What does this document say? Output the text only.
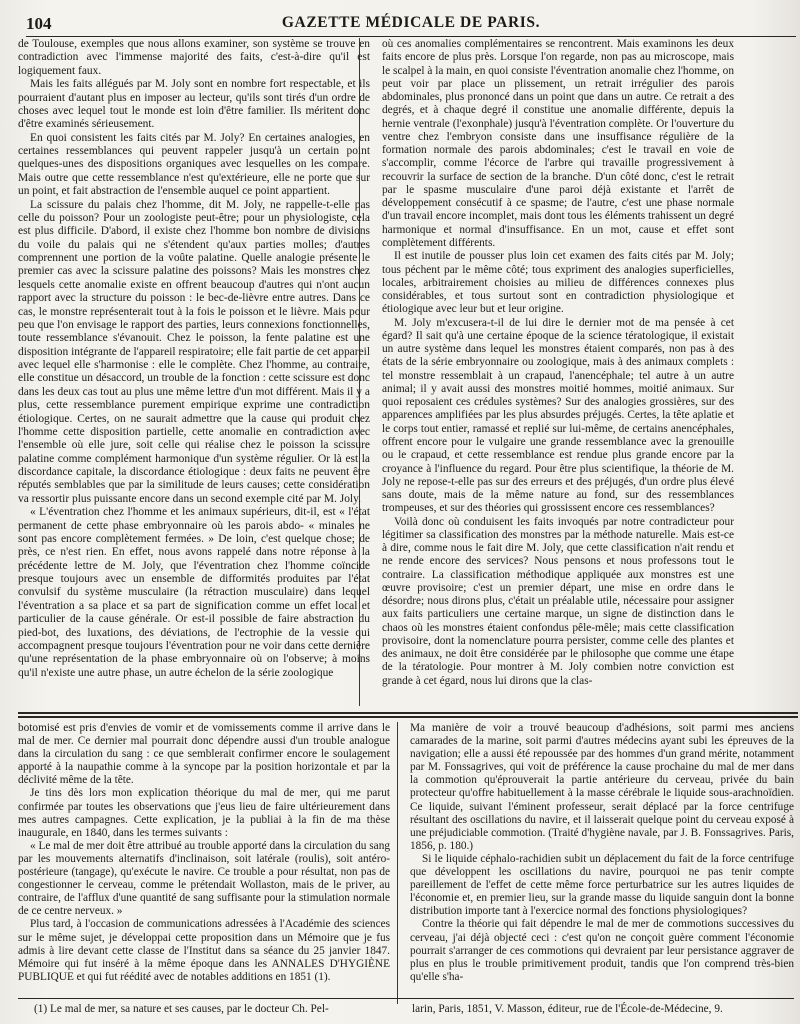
104	GAZETTE MÉDICALE DE PARIS.

de Toulouse, exemples que nous allons examiner, son système se trouve en contradiction avec l'immense majorité des faits, c'est-à-dire qu'il est logiquement faux.

Mais les faits allégués par M. Joly sont en nombre fort respectable, et ils pourraient d'autant plus en imposer au lecteur, qu'ils sont tirés d'un ordre de choses avec lequel tout le monde est loin d'être familier. Ils méritent donc d'être examinés sérieusement.

En quoi consistent les faits cités par M. Joly? En certaines analogies, en certaines ressemblances qui peuvent rappeler jusqu'à un certain point quelques-unes des dispositions organiques avec lesquelles on les compare. Mais outre que cette ressemblance n'est qu'extérieure, elle ne porte que sur un point, et fait abstraction de l'ensemble auquel ce point appartient.

La scissure du palais chez l'homme, dit M. Joly, ne rappelle-t-elle pas celle du poisson? Pour un zoologiste peut-être; pour un physiologiste, cela est plus difficile. D'abord, il existe chez l'homme bon nombre de divisions du voile du palais qui ne s'étendent qu'aux parties molles; d'autres comprennent une portion de la voûte palatine. Quelle analogie présente le premier cas avec la scissure palatine des poissons? Mais les monstres chez lesquels cette anomalie existe en offrent beaucoup d'autres qui n'ont aucun rapport avec la structure du poisson : le bec-de-lièvre entre autres. Dans ce cas, le monstre représenterait tout à la fois le poisson et le lièvre. Mais pour peu que l'on envisage le rapport des parties, leurs connexions fonctionnelles, toute ressemblance s'évanouit. Chez le poisson, la fente palatine est une disposition intégrante de l'appareil respiratoire; elle fait partie de cet appareil avec lequel elle s'harmonise : elle le complète. Chez l'homme, au contraire, elle constitue un désaccord, un trouble de la fonction : cette scissure est donc dans les deux cas tout au plus une même lettre d'un mot différent. Mais il y a plus, cette ressemblance purement empirique exprime une contradiction étiologique. Certes, on ne saurait admettre que la cause qui produit chez l'homme cette disposition partielle, cette anomalie en contradiction avec l'ensemble où elle jure, soit celle qui réalise chez le poisson la scissure palatine comme complément harmonique d'un système régulier. Or là est la discordance capitale, la discordance étiologique : deux faits ne peuvent être réputés semblables que par la similitude de leurs causes; cette considération va ressortir plus puissante encore dans un second exemple cité par M. Joly.

« L'éventration chez l'homme et les animaux supérieurs, dit-il, est « l'état permanent de cette phase embryonnaire où les parois abdo- « minales ne sont pas encore complètement fermées. » De loin, c'est quelque chose; de près, ce n'est rien. En effet, nous avons rappelé dans notre réponse à la précédente lettre de M. Joly, que l'éventration chez l'homme coïncide presque toujours avec un ensemble de difformités produites par l'état convulsif du système musculaire (la rétraction musculaire) dans lequel l'éventration a sa place et sa part de signification comme un effet local et particulier de la cause générale. Or est-il possible de faire abstraction du pied-bot, des luxations, des déviations, de l'ectrophie de la vessie qui accompagnent presque toujours l'éventration pour ne voir dans cette dernière qu'une représentation de la phase embryonnaire où on l'observe; à moins qu'il n'existe une autre phase, un autre échelon de la série zoologique

où ces anomalies complémentaires se rencontrent. Mais examinons les deux faits encore de plus près. Lorsque l'on regarde, non pas au microscope, mais le scalpel à la main, en quoi consiste l'éventration anomalie chez l'homme, on peut voir par place un plissement, un retrait irrégulier des parois abdominales, plus prononcé dans un point que dans un autre. Ce retrait a des degrés, et à chaque degré il constitue une anomalie différente, depuis la hernie ventrale (l'exonphale) jusqu'à l'éventration complète. Or l'ouverture du ventre chez l'embryon consiste dans une insuffisance régulière de la formation normale des parois abdominales; c'est le travail en voie de s'accomplir, comme l'écorce de l'arbre qui travaille progressivement à recouvrir la surface de section de la branche. D'un côté donc, c'est le retrait par le spasme musculaire d'une paroi déjà existante et l'arrêt de développement consécutif à ce spasme; de l'autre, c'est une phase normale d'un travail encore incomplet, mais dont tous les éléments trahissent un degré harmonique et normal d'insuffisance. En un mot, cause et effet sont complètement différents.

Il est inutile de pousser plus loin cet examen des faits cités par M. Joly; tous péchent par le même côté; tous expriment des analogies superficielles, locales, arbitrairement choisies au milieu de différences connexes plus considérables, et tous surtout sont en contradiction physiologique et étiologique avec leur but et leur origine.

M. Joly m'excusera-t-il de lui dire le dernier mot de ma pensée à cet égard? Il sait qu'à une certaine époque de la science tératologique, il existait un autre système dans lequel les monstres étaient comparés, non pas à des états de la série embryonnaire ou zoologique, mais à des animaux complets : tel monstre ressemblait à un crapaud, l'anencéphale; tel autre à un autre animal; il y avait aussi des monstres moitié hommes, moitié animaux. Sur quoi reposaient ces crédules systèmes? Sur des analogies grossières, sur des apparences amplifiées par les plus absurdes préjugés. Certes, la tête aplatie et le corps tout entier, ramassé et replié sur lui-même, de certains anencéphales, offrent encore pour le vulgaire une grande ressemblance avec la grenouille ou le crapaud, et cette ressemblance est rendue plus grande encore par la croyance à l'influence du regard. Pour être plus scientifique, la théorie de M. Joly ne repose-t-elle pas sur des erreurs et des préjugés, d'un ordre plus élevé sans doute, mais de la même nature au fond, sur des ressemblances trompeuses, et sur des théories qui grossissent encore ces ressemblances?

Voilà donc où conduisent les faits invoqués par notre contradicteur pour légitimer sa classification des monstres par la méthode naturelle. Mais est-ce à dire, comme nous le fait dire M. Joly, que cette classification n'ait rendu et ne rende encore des services? Nous pensons et nous professons tout le contraire. La classification méthodique appliquée aux monstres est une œuvre provisoire; c'est un premier départ, une mise en ordre dans le désordre; nous dirons plus, c'était un préalable utile, nécessaire pour assigner aux faits particuliers une certaine marque, un signe de distinction dans le chaos où les monstres étaient confondus pêle-mêle; mais cette classification provisoire, dont la nomenclature pourra persister, comme celle des plantes et des animaux, ne doit être considérée par le philosophe que comme une étape de la tératologie. Pour montrer à M. Joly combien notre conviction est grande à cet égard, nous lui dirons que la clas-

botomisé est pris d'envies de vomir et de vomissements comme il arrive dans le mal de mer. Ce dernier mal pourrait donc dépendre aussi d'un trouble analogue dans la circulation du sang : ce que semblerait confirmer encore le soulagement apporté à la naupathie comme à la syncope par la position horizontale et par la déclivité même de la tête.

Je tins dès lors mon explication théorique du mal de mer, qui me parut confirmée par toutes les observations que j'eus lieu de faire ultérieurement dans mes autres campagnes. Cette explication, je la publiai à la fin de ma thèse inaugurale, en 1840, dans les termes suivants :

« Le mal de mer doit être attribué au trouble apporté dans la circulation du sang par les mouvements alternatifs d'inclinaison, soit latérale (roulis), soit antéro-postérieure (tangage), qu'exécute le navire. Ce trouble a pour résultat, non pas de congestionner le cerveau, comme le prétendait Wollaston, mais de le priver, au contraire, de l'afflux d'une quantité de sang suffisante pour la stimulation normale de ce centre nerveux. »

Plus tard, à l'occasion de communications adressées à l'Académie des sciences sur le même sujet, je développai cette proposition dans un Mémoire que je fus admis à lire devant cette classe de l'Institut dans sa séance du 25 janvier 1847. Mémoire qui fut inséré à la même époque dans les ANNALES D'HYGIÈNE PUBLIQUE et qui fut réédité avec de notables additions en 1851 (1).

Ma manière de voir a trouvé beaucoup d'adhésions, soit parmi mes anciens camarades de la marine, soit parmi d'autres médecins ayant subi les épreuves de la navigation; elle a aussi été repoussée par des hommes d'un grand mérite, notamment par M. Fonssagrives, qui voit de préférence la cause prochaine du mal de mer dans la commotion qu'éprouverait la partie antérieure du cerveau, privée du bain protecteur qu'offre habituellement à la masse cérébrale le liquide sous-arachnoïdien. Ce liquide, suivant l'éminent professeur, serait déplacé par la force centrifuge résultant des oscillations du navire, et il laisserait quelque point du cerveau exposé à une préjudiciable commotion. (Traité d'hygiène navale, par J. B. Fonssagrives. Paris, 1856, p. 180.)

Si le liquide céphalo-rachidien subit un déplacement du fait de la force centrifuge que développent les oscillations du navire, pourquoi ne pas tenir compte pareillement de l'effet de cette même force perturbatrice sur les autres liquides de l'économie et, en premier lieu, sur la grande masse du liquide sanguin dont la bonne distribution importe tant à l'exercice normal des fonctions physiologiques?

Contre la théorie qui fait dépendre le mal de mer de commotions successives du cerveau, j'ai déjà objecté ceci : c'est qu'on ne conçoit guère comment l'économie pourrait s'arranger de ces commotions qui devraient par leur persistance aggraver de plus en plus le trouble primitivement produit, tandis que l'on comprend très-bien qu'elle s'ha-

(1) Le mal de mer, sa nature et ses causes, par le docteur Ch. Pel-	larin, Paris, 1851, V. Masson, éditeur, rue de l'École-de-Médecine, 9.
